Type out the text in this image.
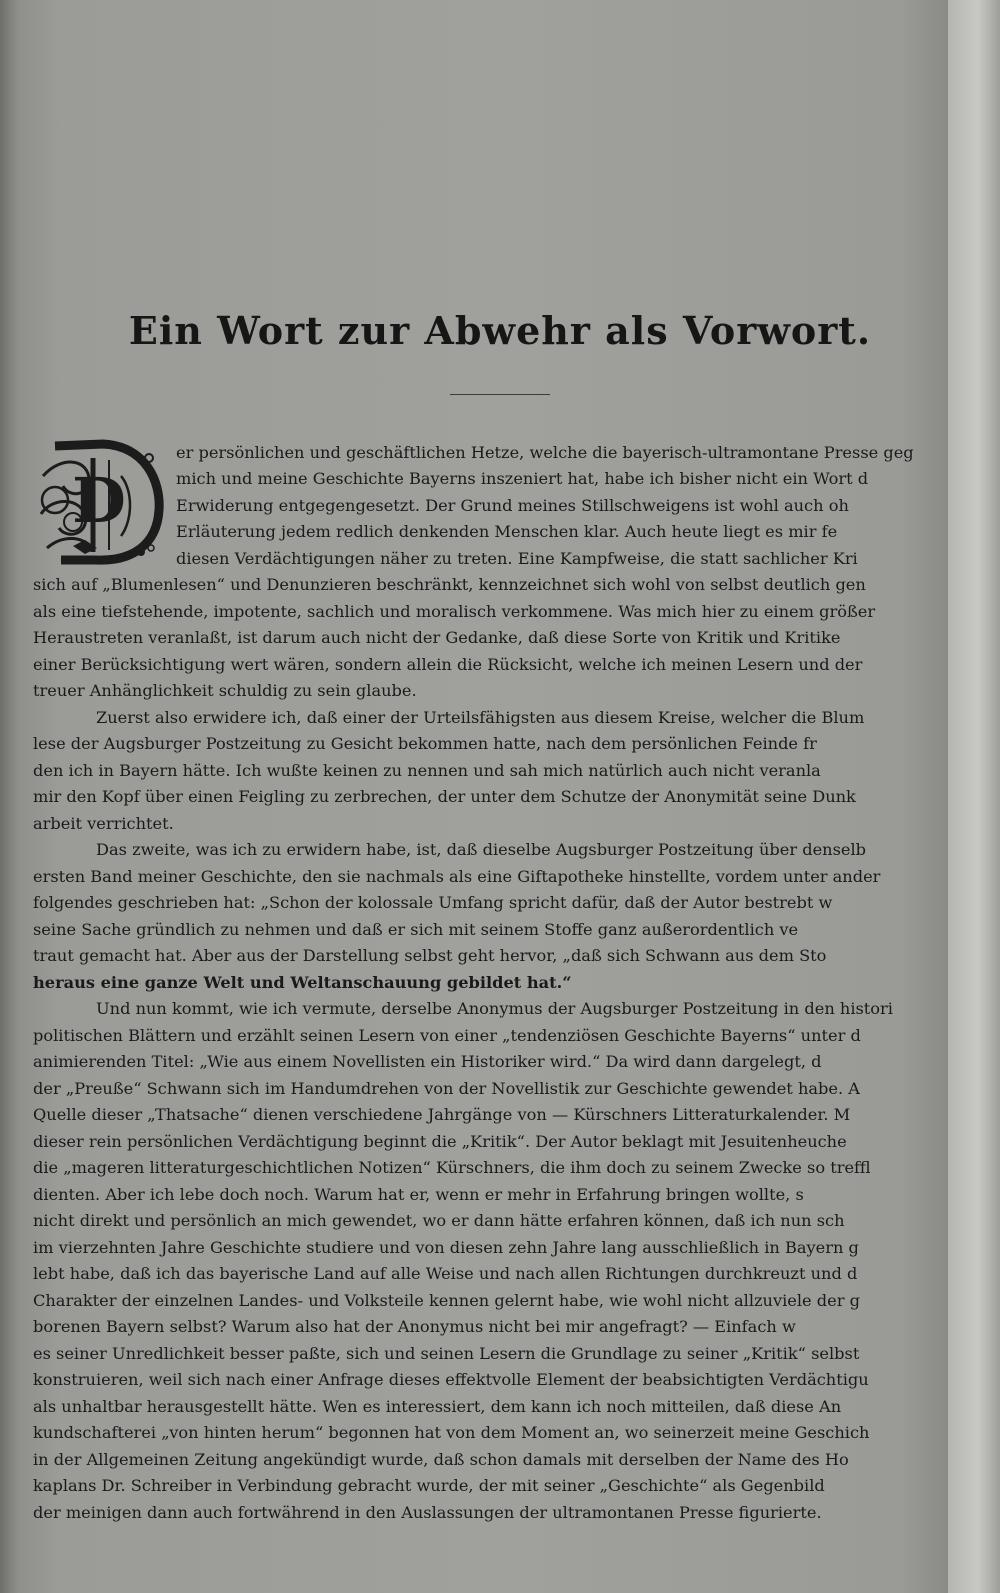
Ein Wort zur Abwehr als Vorwort.
D

er persönlichen und geschäftlichen Hetze, welche die bayerisch-ultramontane Presse geg

mich und meine Geschichte Bayerns inszeniert hat, habe ich bisher nicht ein Wort d

Erwiderung entgegengesetzt. Der Grund meines Stillschweigens ist wohl auch oh

Erläuterung jedem redlich denkenden Menschen klar. Auch heute liegt es mir fe

diesen Verdächtigungen näher zu treten. Eine Kampfweise, die statt sachlicher Kri

sich auf „Blumenlesen“ und Denunzieren beschränkt, kennzeichnet sich wohl von selbst deutlich gen

als eine tiefstehende, impotente, sachlich und moralisch verkommene. Was mich hier zu einem größer

Heraustreten veranlaßt, ist darum auch nicht der Gedanke, daß diese Sorte von Kritik und Kritike

einer Berücksichtigung wert wären, sondern allein die Rücksicht, welche ich meinen Lesern und der

treuer Anhänglichkeit schuldig zu sein glaube.

Zuerst also erwidere ich, daß einer der Urteilsfähigsten aus diesem Kreise, welcher die Blum

lese der Augsburger Postzeitung zu Gesicht bekommen hatte, nach dem persönlichen Feinde fr

den ich in Bayern hätte. Ich wußte keinen zu nennen und sah mich natürlich auch nicht veranla

mir den Kopf über einen Feigling zu zerbrechen, der unter dem Schutze der Anonymität seine Dunk

arbeit verrichtet.

Das zweite, was ich zu erwidern habe, ist, daß dieselbe Augsburger Postzeitung über denselb

ersten Band meiner Geschichte, den sie nachmals als eine Giftapotheke hinstellte, vordem unter ander

folgendes geschrieben hat: „Schon der kolossale Umfang spricht dafür, daß der Autor bestrebt w

seine Sache gründlich zu nehmen und daß er sich mit seinem Stoffe ganz außerordentlich ve

traut gemacht hat. Aber aus der Darstellung selbst geht hervor, „daß sich Schwann aus dem Sto

heraus eine ganze Welt und Weltanschauung gebildet hat.“

Und nun kommt, wie ich vermute, derselbe Anonymus der Augsburger Postzeitung in den histori

politischen Blättern und erzählt seinen Lesern von einer „tendenziösen Geschichte Bayerns“ unter d

animierenden Titel: „Wie aus einem Novellisten ein Historiker wird.“ Da wird dann dargelegt, d

der „Preuße“ Schwann sich im Handumdrehen von der Novellistik zur Geschichte gewendet habe. A

Quelle dieser „Thatsache“ dienen verschiedene Jahrgänge von — Kürschners Litteraturkalender. M

dieser rein persönlichen Verdächtigung beginnt die „Kritik“. Der Autor beklagt mit Jesuitenheuche

die „mageren litteraturgeschichtlichen Notizen“ Kürschners, die ihm doch zu seinem Zwecke so treffl

dienten. Aber ich lebe doch noch. Warum hat er, wenn er mehr in Erfahrung bringen wollte, s

nicht direkt und persönlich an mich gewendet, wo er dann hätte erfahren können, daß ich nun sch

im vierzehnten Jahre Geschichte studiere und von diesen zehn Jahre lang ausschließlich in Bayern g

lebt habe, daß ich das bayerische Land auf alle Weise und nach allen Richtungen durchkreuzt und d

Charakter der einzelnen Landes- und Volksteile kennen gelernt habe, wie wohl nicht allzuviele der g

borenen Bayern selbst? Warum also hat der Anonymus nicht bei mir angefragt? — Einfach w

es seiner Unredlichkeit besser paßte, sich und seinen Lesern die Grundlage zu seiner „Kritik“ selbst

konstruieren, weil sich nach einer Anfrage dieses effektvolle Element der beabsichtigten Verdächtigu

als unhaltbar herausgestellt hätte. Wen es interessiert, dem kann ich noch mitteilen, daß diese An

kundschafterei „von hinten herum“ begonnen hat von dem Moment an, wo seinerzeit meine Geschich

in der Allgemeinen Zeitung angekündigt wurde, daß schon damals mit derselben der Name des Ho

kaplans Dr. Schreiber in Verbindung gebracht wurde, der mit seiner „Geschichte“ als Gegenbild

der meinigen dann auch fortwährend in den Auslassungen der ultramontanen Presse figurierte.
